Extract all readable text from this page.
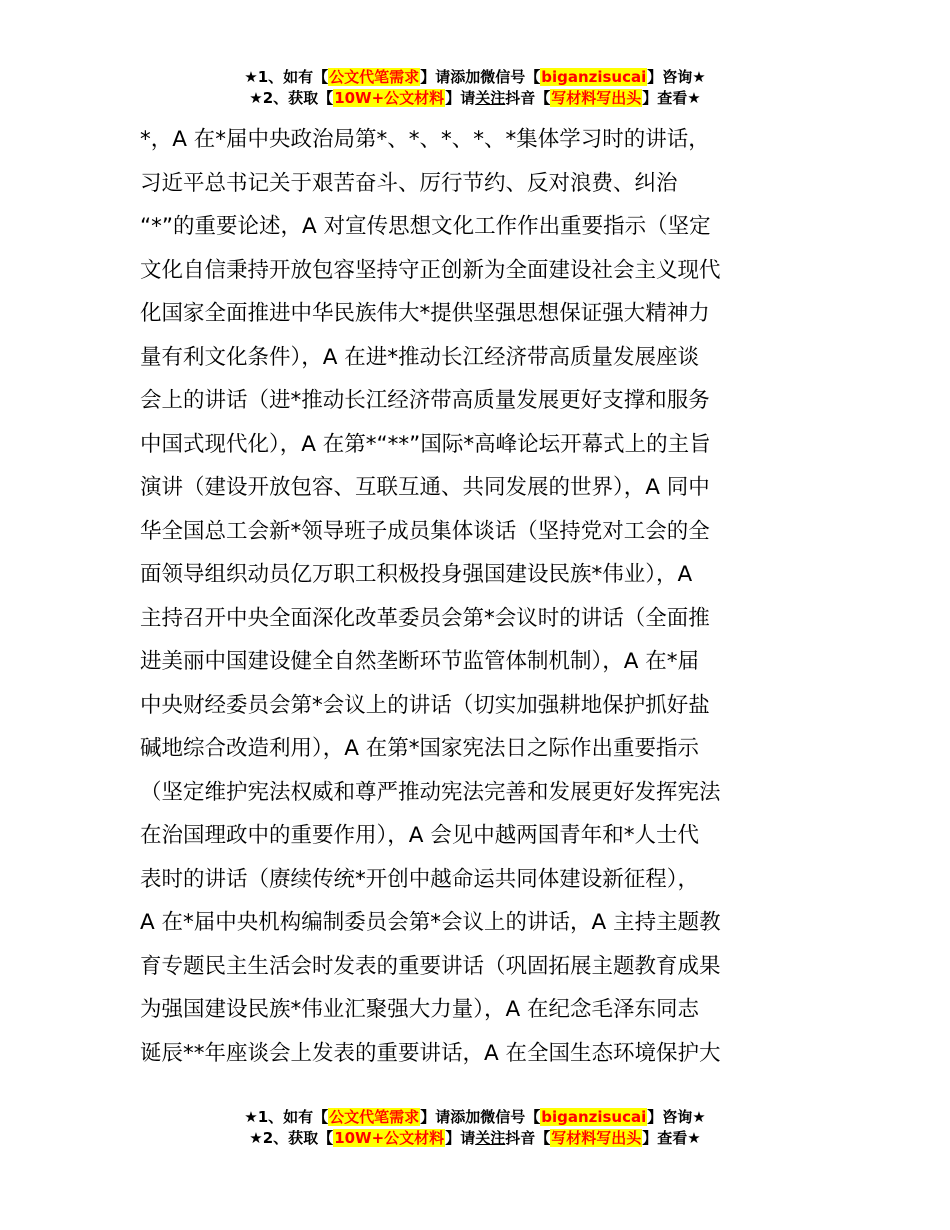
★1、如有【公文代笔需求】请添加微信号【biganzisucai】咨询★
★2、获取【10W+公文材料】请关注抖音【写材料写出头】查看★
*，A 在*届中央政治局第*、*、*、*、*集体学习时的讲话，
习近平总书记关于艰苦奋斗、厉行节约、反对浪费、纠治
“*”的重要论述，A 对宣传思想文化工作作出重要指示（坚定
文化自信秉持开放包容坚持守正创新为全面建设社会主义现代
化国家全面推进中华民族伟大*提供坚强思想保证强大精神力
量有利文化条件），A 在进*推动长江经济带高质量发展座谈
会上的讲话（进*推动长江经济带高质量发展更好支撑和服务
中国式现代化），A 在第*“**”国际*高峰论坛开幕式上的主旨
演讲（建设开放包容、互联互通、共同发展的世界），A 同中
华全国总工会新*领导班子成员集体谈话（坚持党对工会的全
面领导组织动员亿万职工积极投身强国建设民族*伟业），A
主持召开中央全面深化改革委员会第*会议时的讲话（全面推
进美丽中国建设健全自然垄断环节监管体制机制），A 在*届
中央财经委员会第*会议上的讲话（切实加强耕地保护抓好盐
碱地综合改造利用），A 在第*国家宪法日之际作出重要指示
（坚定维护宪法权威和尊严推动宪法完善和发展更好发挥宪法
在治国理政中的重要作用），A 会见中越两国青年和*人士代
表时的讲话（赓续传统*开创中越命运共同体建设新征程），
A 在*届中央机构编制委员会第*会议上的讲话，A 主持主题教
育专题民主生活会时发表的重要讲话（巩固拓展主题教育成果
为强国建设民族*伟业汇聚强大力量），A 在纪念毛泽东同志
诞辰**年座谈会上发表的重要讲话，A 在全国生态环境保护大
★1、如有【公文代笔需求】请添加微信号【biganzisucai】咨询★
★2、获取【10W+公文材料】请关注抖音【写材料写出头】查看★
